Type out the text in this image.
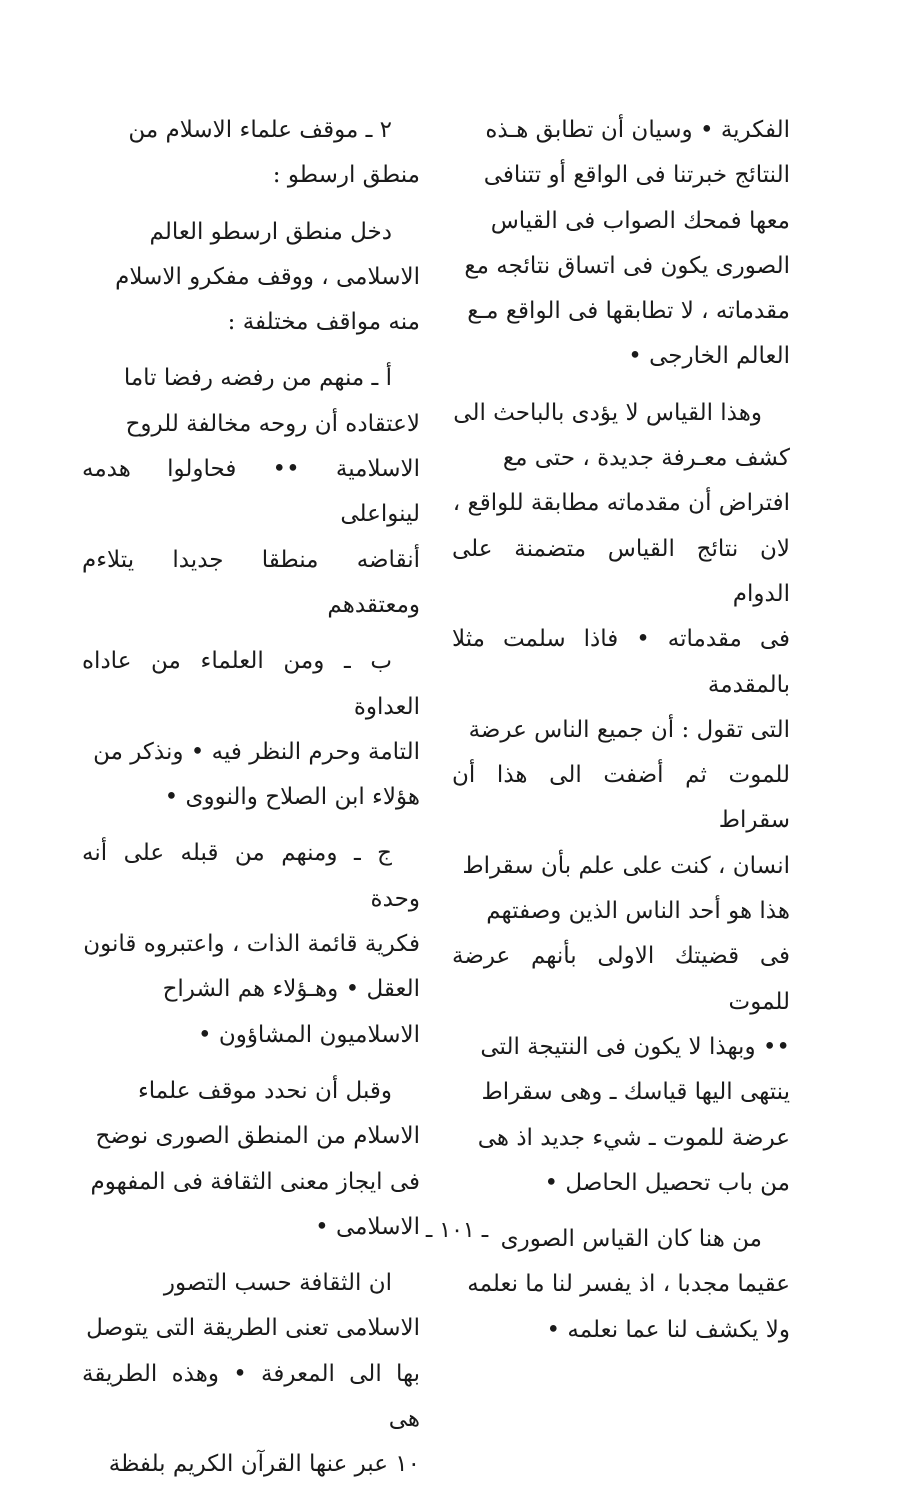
الفكرية • وسيان أن تطابق هـذه
النتائج خبرتنا فى الواقع أو تتنافى
معها فمحك الصواب فى القياس
الصورى يكون فى اتساق نتائجه مع
مقدماته ، لا تطابقها فى الواقع مـع
العالم الخارجى •

وهذا القياس لا يؤدى بالباحث الى
كشف معـرفة جديدة ، حتى مع
افتراض أن مقدماته مطابقة للواقع ،
لان نتائج القياس متضمنة على الدوام
فى مقدماته • فاذا سلمت مثلا بالمقدمة
التى تقول : أن جميع الناس عرضة
للموت ثم أضفت الى هذا أن سقراط
انسان ، كنت على علم بأن سقراط
هذا هو أحد الناس الذين وصفتهم
فى قضيتك الاولى بأنهم عرضة للموت
•• وبهذا لا يكون فى النتيجة التى
ينتهى اليها قياسك ـ وهى سقراط
عرضة للموت ـ شيء جديد اذ هى
من باب تحصيل الحاصل •

من هنا كان القياس الصورى
عقيما مجدبا ، اذ يفسر لنا ما نعلمه
ولا يكشف لنا عما نعلمه •

٢ ـ موقف علماء الاسلام من
منطق ارسطو :

دخل منطق ارسطو العالم
الاسلامى ، ووقف مفكرو الاسلام
منه مواقف مختلفة :

أ ـ منهم من رفضه رفضا تاما
لاعتقاده أن روحه مخالفة للروح
الاسلامية •• فحاولوا هدمه لينواعلى
أنقاضه منطقا جديدا يتلاءم ومعتقدهم

ب ـ ومن العلماء من عاداه العداوة
التامة وحرم النظر فيه • ونذكر من
هؤلاء ابن الصلاح والنووى •

ج ـ ومنهم من قبله على أنه وحدة
فكرية قائمة الذات ، واعتبروه قانون
العقل • وهـؤلاء هم الشراح
الاسلاميون المشاؤون •

وقبل أن نحدد موقف علماء
الاسلام من المنطق الصورى نوضح
فى ايجاز معنى الثقافة فى المفهوم
الاسلامى •

ان الثقافة حسب التصور
الاسلامى تعنى الطريقة التى يتوصل
بها الى المعرفة • وهذه الطريقة هى
١٠ عبر عنها القرآن الكريم بلفظة

ـ ١٠١ ـ
